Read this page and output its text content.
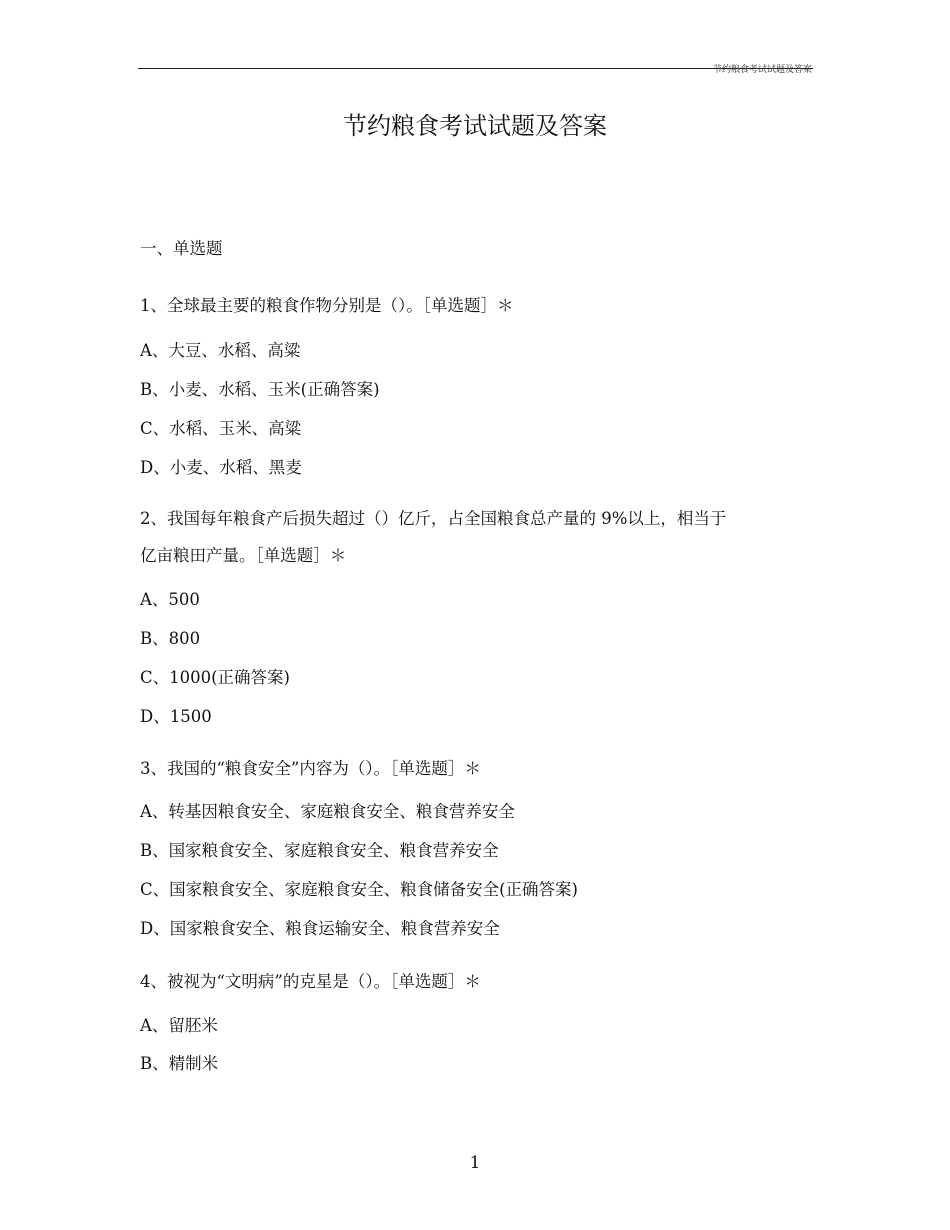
节约粮食考试试题及答案
节约粮食考试试题及答案
一、单选题
1、全球最主要的粮食作物分别是（）。［单选题］＊
A、大豆、水稻、高粱
B、小麦、水稻、玉米(正确答案)
C、水稻、玉米、高粱
D、小麦、水稻、黑麦
2、我国每年粮食产后损失超过（）亿斤，占全国粮食总产量的 9%以上，相当于
亿亩粮田产量。［单选题］＊
A、500
B、800
C、1000(正确答案)
D、1500
3、我国的“粮食安全”内容为（）。［单选题］＊
A、转基因粮食安全、家庭粮食安全、粮食营养安全
B、国家粮食安全、家庭粮食安全、粮食营养安全
C、国家粮食安全、家庭粮食安全、粮食储备安全(正确答案)
D、国家粮食安全、粮食运输安全、粮食营养安全
4、被视为“文明病”的克星是（）。［单选题］＊
A、留胚米
B、精制米
1
